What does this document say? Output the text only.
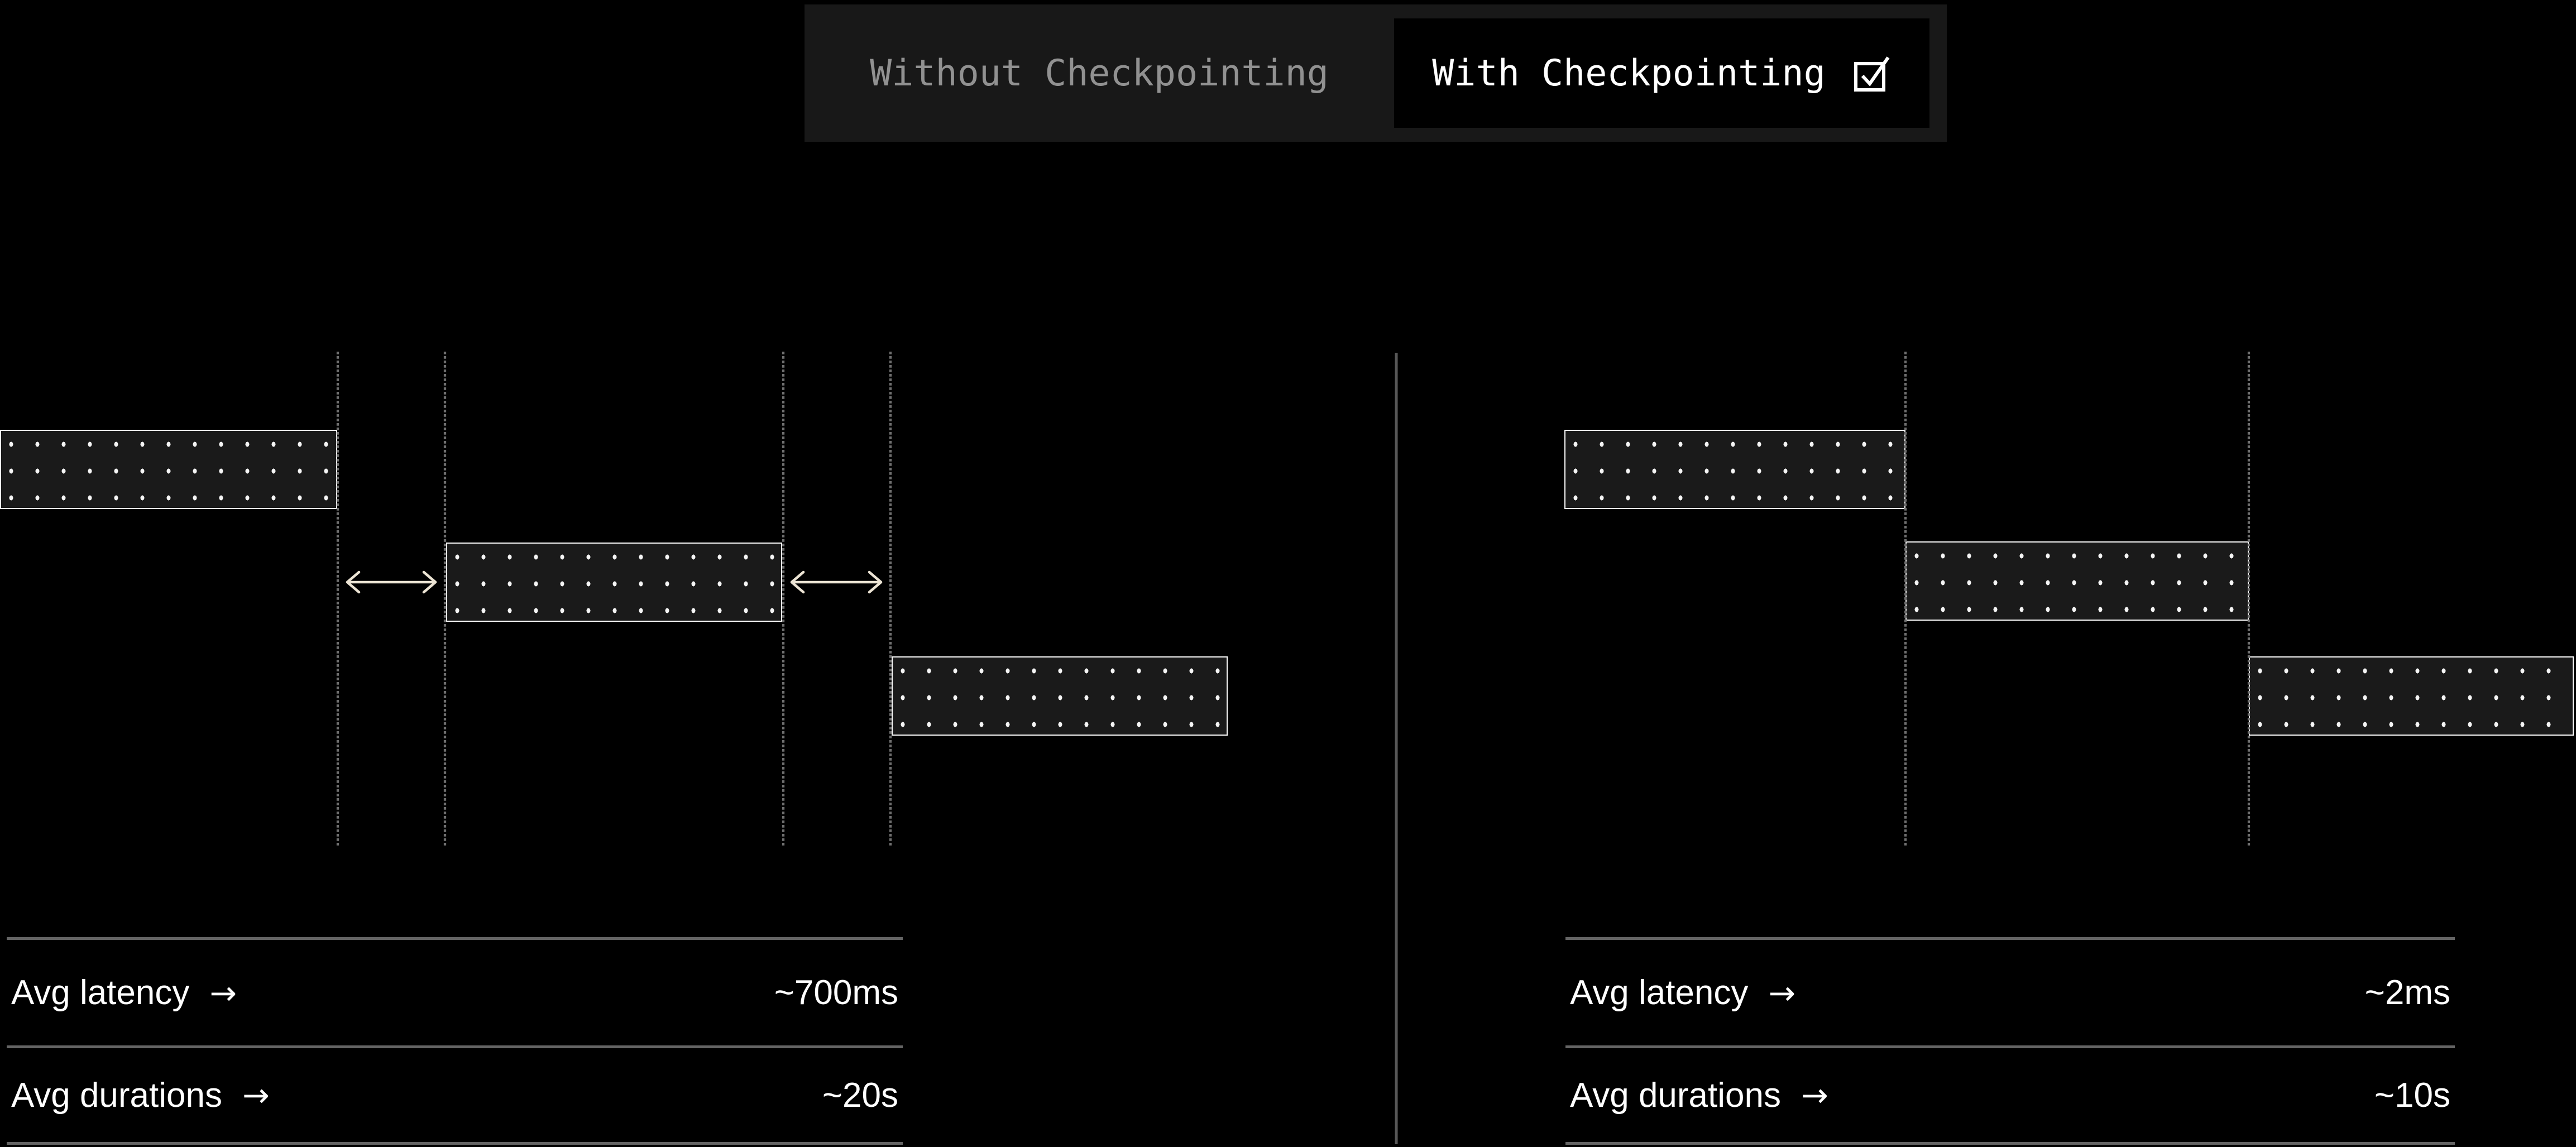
Without Checkpointing	With Checkpointing
Avg latency →	~700ms
Avg durations →	~20s
Avg latency →	~2ms
Avg durations →	~10s
